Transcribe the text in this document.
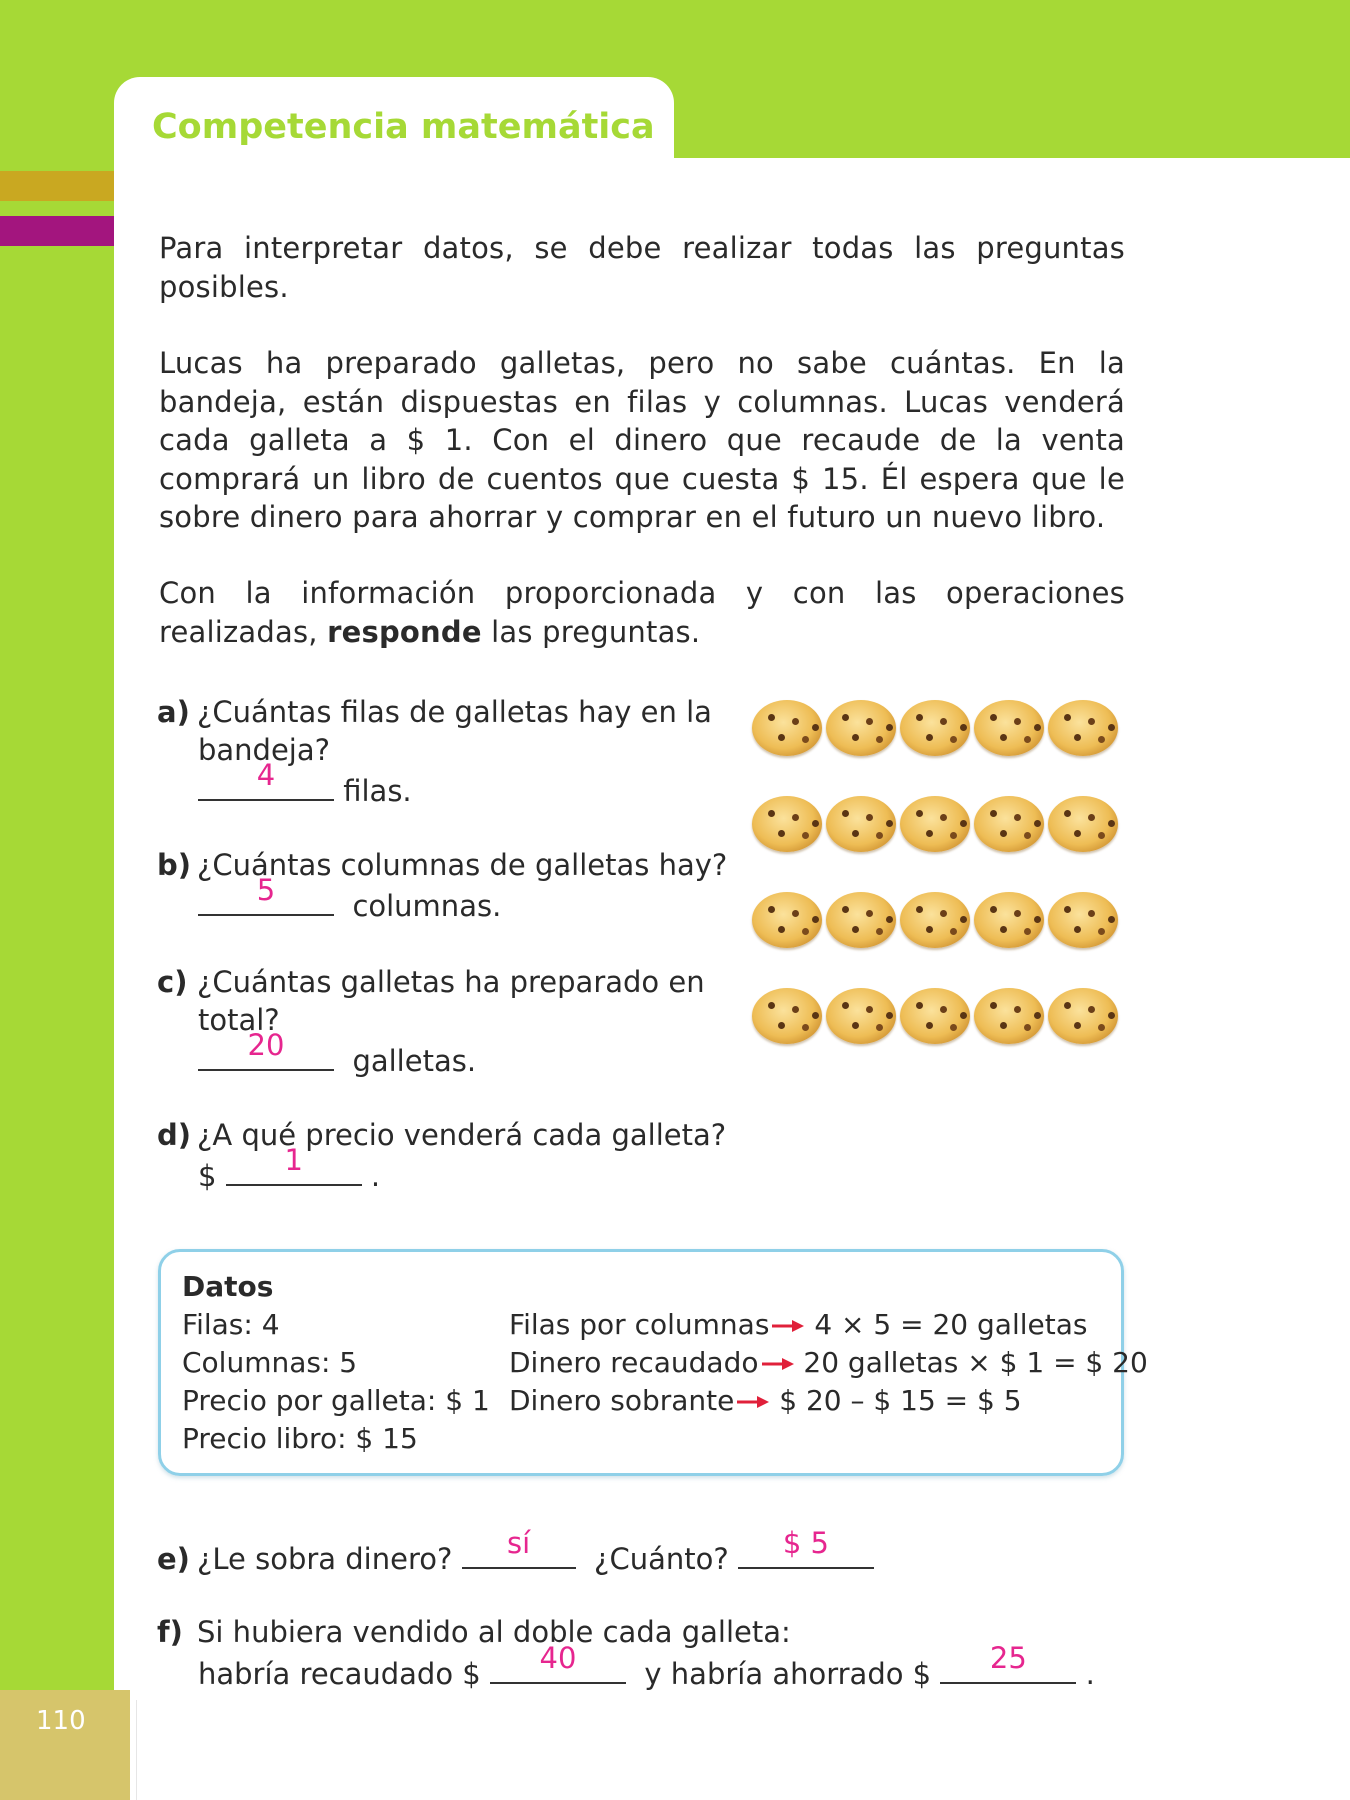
Competencia matemática

Para interpretar datos, se debe realizar todas las preguntas posibles.

Lucas ha preparado galletas, pero no sabe cuántas. En la bandeja, están dispuestas en filas y columnas. Lucas venderá cada galleta a $ 1. Con el dinero que recaude de la venta comprará un libro de cuentos que cuesta $ 15. Él espera que le sobre dinero para ahorrar y comprar en el futuro un nuevo libro.

Con la información proporcionada y con las operaciones realizadas, responde las preguntas.

a) ¿Cuántas filas de galletas hay en la
bandeja?
4	filas.
b) ¿Cuántas columnas de galletas hay?
5	columnas.
c) ¿Cuántas galletas ha preparado en
total?
20	galletas.
d) ¿A qué precio venderá cada galleta?
$	1	.

Datos

Filas: 4

Columnas: 5

Precio por galleta: $ 1

Precio libro: $ 15

Filas por columnas 4 × 5 = 20 galletas

Dinero recaudado 20 galletas × $ 1 = $ 20

Dinero sobrante $ 20 – $ 15 = $ 5

e) ¿Le sobra dinero?	sí	¿Cuánto?	$ 5
f) Si hubiera vendido al doble cada galleta:
habría recaudado $	40	y habría ahorrado $	25	.
110
